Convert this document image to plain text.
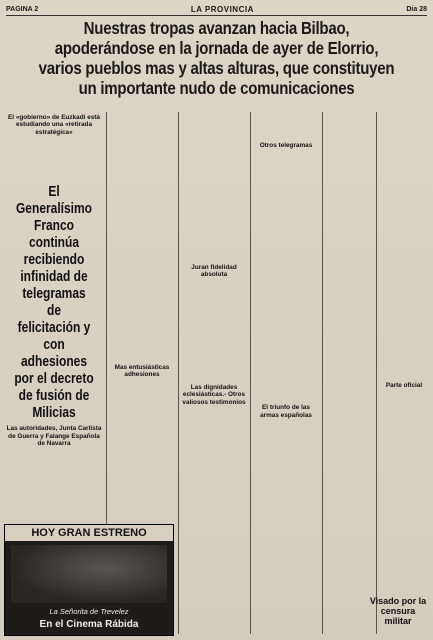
PAGINA 2	LA PROVINCIA	Dia 28
Nuestras tropas avanzan hacia Bilbao, apoderándose en la jornada de ayer de Elorrio, varios pueblos mas y altas alturas, que constituyen un importante nudo de comunicaciones
El «gobierno» de Euzkadi está estudiando una «retirada estratégica»

El Generalísimo Franco continúa recibiendo infinidad de telegramas de felicitación y con adhesiones por el decreto de fusión de Milicias
Las autoridades, Junta Carlista de Guerra y Falange Española de Navarra
Mas entusiásticas adhesiones
Juran fidelidad absoluta
Las dignidades eclesiásticas.- Otros valiosos testimonios
Otros telegramas
El triunfo de las armas españolas
Parte oficial
HOY GRAN ESTRENO
La Señorita de Trevelez
En el Cinema Rábida
Visado por la censura militar
